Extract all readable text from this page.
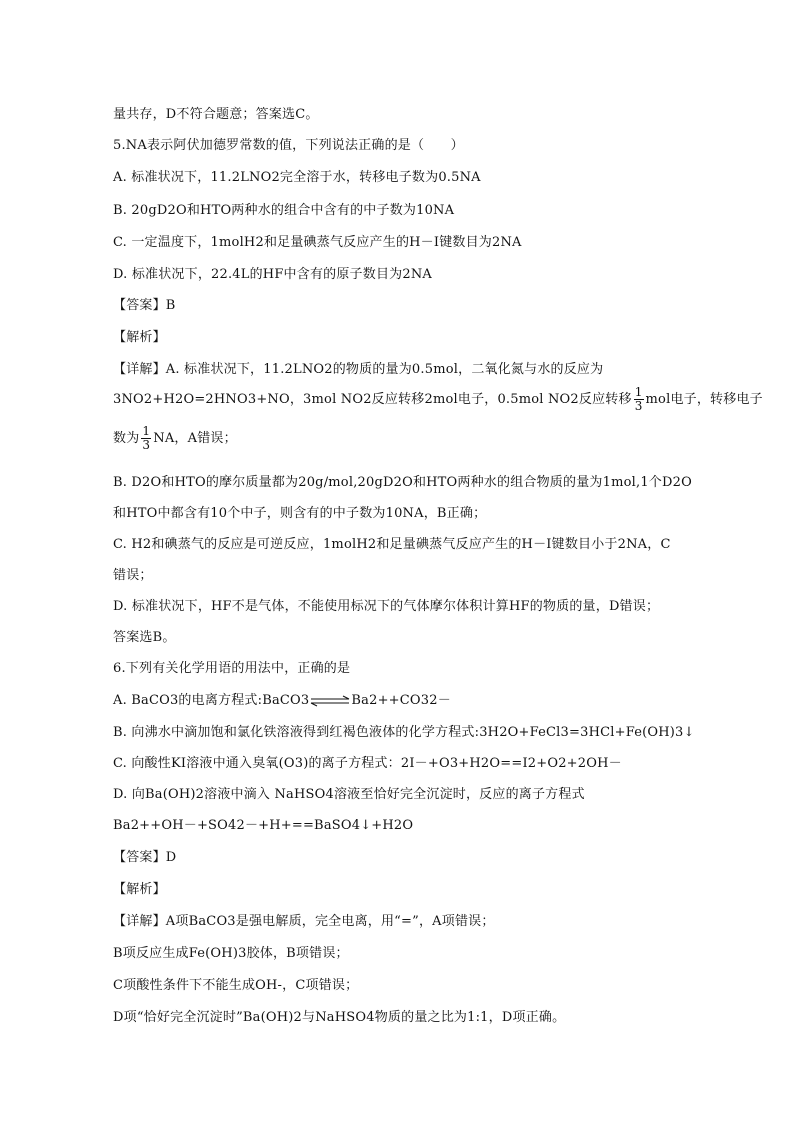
量共存，D不符合题意；答案选C。
5.NA表示阿伏加德罗常数的值，下列说法正确的是（　　）
A. 标准状况下，11.2LNO2完全溶于水，转移电子数为0.5NA
B. 20gD2O和HTO两种水的组合中含有的中子数为10NA
C. 一定温度下，1molH2和足量碘蒸气反应产生的H－I键数目为2NA
D. 标准状况下，22.4L的HF中含有的原子数目为2NA
【答案】B
【解析】
【详解】A. 标准状况下，11.2LNO2的物质的量为0.5mol，二氧化氮与水的反应为
3NO2+H2O=2HNO3+NO，3mol NO2反应转移2mol电子，0.5mol NO2反应转移 $\frac{1}{3}$ mol电子，转移电子
数为 $\frac{1}{3}$ NA，A错误；
B. D2O和HTO的摩尔质量都为20g/mol,20gD2O和HTO两种水的组合物质的量为1mol,1个D2O
和HTO中都含有10个中子，则含有的中子数为10NA，B正确；
C. H2和碘蒸气的反应是可逆反应，1molH2和足量碘蒸气反应产生的H－I键数目小于2NA，C
错误；
D. 标准状况下，HF不是气体，不能使用标况下的气体摩尔体积计算HF的物质的量，D错误；
答案选B。
6.下列有关化学用语的用法中，正确的是
A. BaCO3的电离方程式:BaCO3⇌Ba2++CO32－
B. 向沸水中滴加饱和氯化铁溶液得到红褐色液体的化学方程式:3H2O+FeCl3=3HCl+Fe(OH)3↓
C. 向酸性KI溶液中通入臭氧(O3)的离子方程式：2I－+O3+H2O==I2+O2+2OH－
D. 向Ba(OH)2溶液中滴入 NaHSO4溶液至恰好完全沉淀时，反应的离子方程式
Ba2++OH－+SO42－+H+==BaSO4↓+H2O
【答案】D
【解析】
【详解】A项BaCO3是强电解质，完全电离，用“=”，A项错误；
B项反应生成Fe(OH)3胶体，B项错误；
C项酸性条件下不能生成OH-，C项错误；
D项“恰好完全沉淀时”Ba(OH)2与NaHSO4物质的量之比为1:1，D项正确。
